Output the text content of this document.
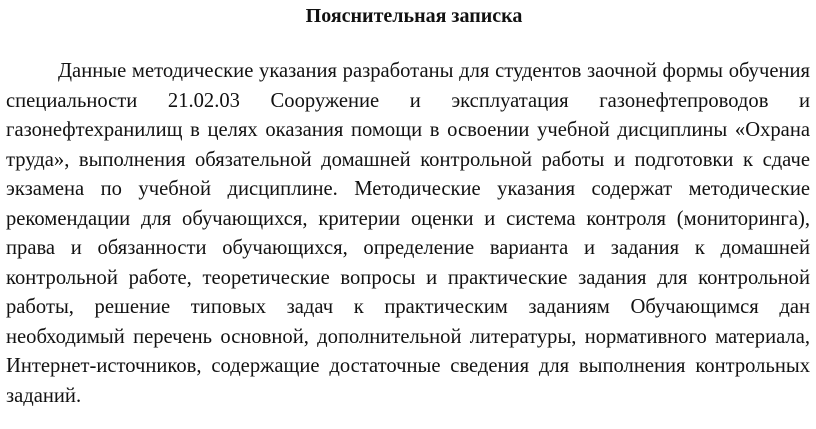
Пояснительная записка

Данные методические указания разработаны для студентов заочной формы обучения специальности 21.02.03 Сооружение и эксплуатация газонефтепроводов и газонефтехранилищ в целях оказания помощи в освоении учебной дисциплины «Охрана труда», выполнения обязательной домашней контрольной работы и подготовки к сдаче экзамена по учебной дисциплине. Методические указания содержат методические рекомендации для обучающихся, критерии оценки и система контроля (мониторинга), права и обязанности обучающихся, определение варианта и задания к домашней контрольной работе, теоретические вопросы и практические задания для контрольной работы, решение типовых задач к практическим заданиям Обучающимся дан необходимый перечень основной, дополнительной литературы, нормативного материала, Интернет-источников, содержащие достаточные сведения для выполнения контрольных заданий.
